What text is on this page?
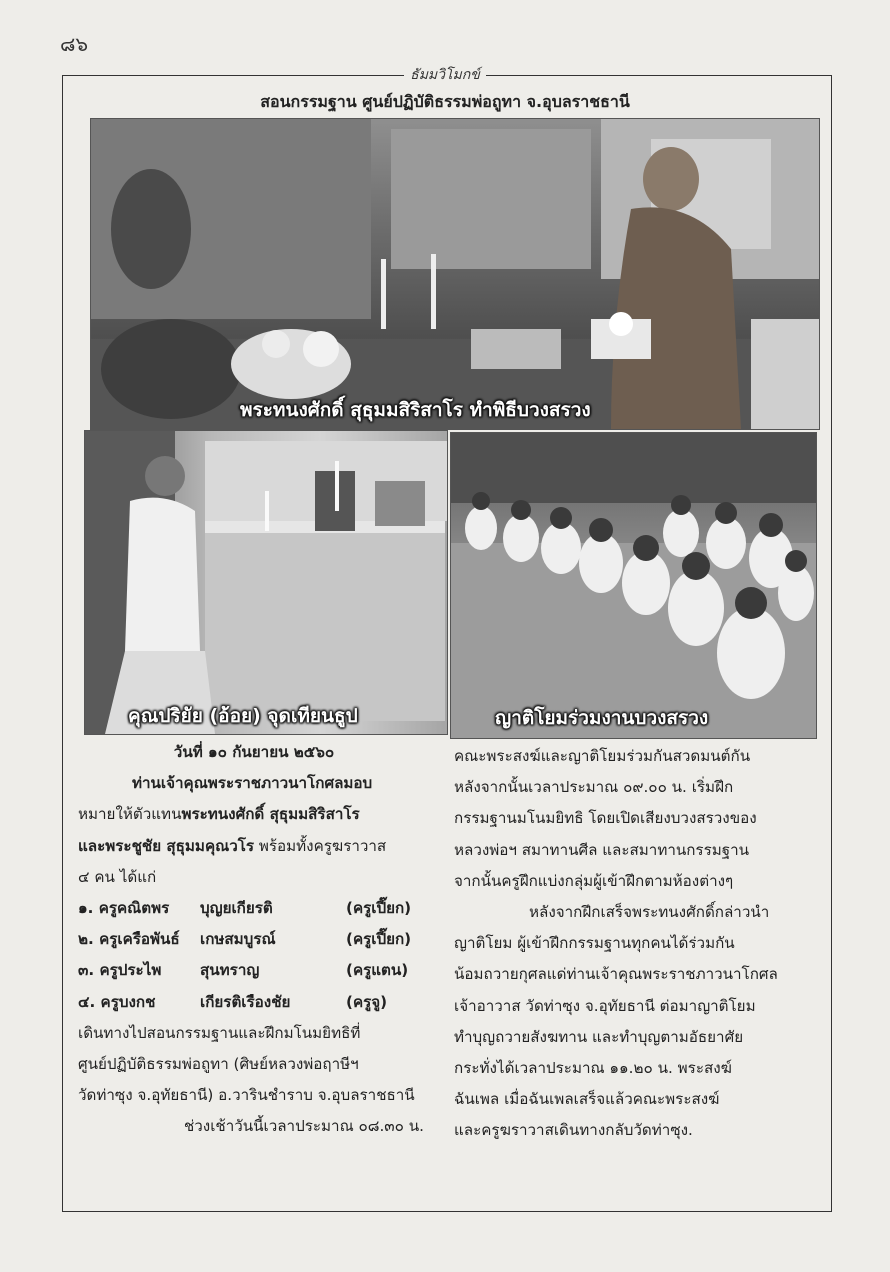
๘๖
ธัมมวิโมกข์
สอนกรรมฐาน ศูนย์ปฏิบัติธรรมพ่อถูทา จ.อุบลราชธานี
พระทนงศักดิ์ สุธุมมสิริสาโร ทำพิธีบวงสรวง
คุณปริยัย (อ้อย) จุดเทียนธูป	ญาติโยมร่วมงานบวงสรวง
วันที่ ๑๐ กันยายน ๒๕๖๐
ท่านเจ้าคุณพระราชภาวนาโกศลมอบ
หมายให้ตัวแทนพระทนงศักดิ์ สุธุมมสิริสาโร
และพระชูชัย สุธุมมคุณวโร พร้อมทั้งครูฆราวาส
๔ คน ได้แก่
๑. ครูคณิตพร	บุญยเกียรติ	(ครูเปี๊ยก)
๒. ครูเครือพันธ์	เกษสมบูรณ์	(ครูเปี๊ยก)
๓. ครูประไพ	สุนทราญ	(ครูแตน)
๔. ครูบงกช	เกียรติเรืองชัย	(ครูจู)
เดินทางไปสอนกรรมฐานและฝึกมโนมยิทธิที่
ศูนย์ปฏิบัติธรรมพ่อถูทา (ศิษย์หลวงพ่อฤาษีฯ
วัดท่าซุง จ.อุทัยธานี) อ.วารินชำราบ จ.อุบลราชธานี
ช่วงเช้าวันนี้เวลาประมาณ ๐๘.๓๐ น.
คณะพระสงฆ์และญาติโยมร่วมกันสวดมนต์กัน
หลังจากนั้นเวลาประมาณ ๐๙.๐๐ น. เริ่มฝึก
กรรมฐานมโนมยิทธิ โดยเปิดเสียงบวงสรวงของ
หลวงพ่อฯ สมาทานศีล และสมาทานกรรมฐาน
จากนั้นครูฝึกแบ่งกลุ่มผู้เข้าฝึกตามห้องต่างๆ
หลังจากฝึกเสร็จพระทนงศักดิ์กล่าวนำ
ญาติโยม ผู้เข้าฝึกกรรมฐานทุกคนได้ร่วมกัน
น้อมถวายกุศลแด่ท่านเจ้าคุณพระราชภาวนาโกศล
เจ้าอาวาส วัดท่าซุง จ.อุทัยธานี ต่อมาญาติโยม
ทำบุญถวายสังฆทาน และทำบุญตามอัธยาศัย
กระทั่งได้เวลาประมาณ ๑๑.๒๐ น. พระสงฆ์
ฉันเพล เมื่อฉันเพลเสร็จแล้วคณะพระสงฆ์
และครูฆราวาสเดินทางกลับวัดท่าซุง.
